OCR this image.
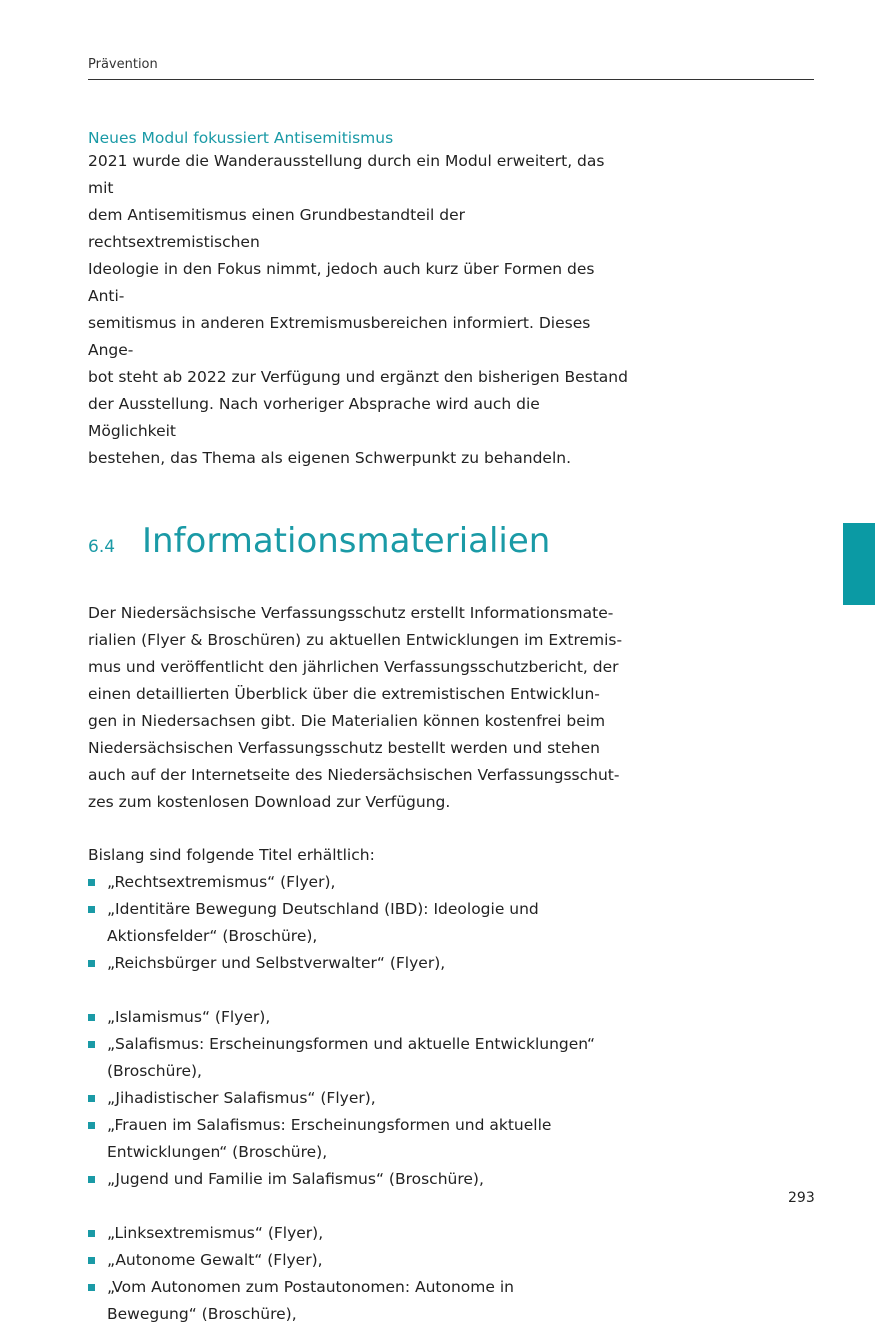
Prävention
Neues Modul fokussiert Antisemitismus
2021 wurde die Wanderausstellung durch ein Modul erweitert, das mit
dem Antisemitismus einen Grundbestandteil der rechtsextremistischen
Ideologie in den Fokus nimmt, jedoch auch kurz über Formen des Anti-
semitismus in anderen Extremismusbereichen informiert. Dieses Ange-
bot steht ab 2022 zur Verfügung und ergänzt den bisherigen Bestand
der Ausstellung. Nach vorheriger Absprache wird auch die Möglichkeit
bestehen, das Thema als eigenen Schwerpunkt zu behandeln.
6.4 Informationsmaterialien
Der Niedersächsische Verfassungsschutz erstellt Informationsmate-
rialien (Flyer & Broschüren) zu aktuellen Entwicklungen im Extremis-
mus und veröffentlicht den jährlichen Verfassungsschutzbericht, der
einen detaillierten Überblick über die extremistischen Entwicklun-
gen in Niedersachsen gibt. Die Materialien können kostenfrei beim
Niedersächsischen Verfassungsschutz bestellt werden und stehen
auch auf der Internetseite des Niedersächsischen Verfassungsschut-
zes zum kostenlosen Download zur Verfügung.
Bislang sind folgende Titel erhältlich:
„Rechtsextremismus“ (Flyer),
„Identitäre Bewegung Deutschland (IBD): Ideologie und
Aktionsfelder“ (Broschüre),
„Reichsbürger und Selbstverwalter“ (Flyer),
„Islamismus“ (Flyer),
„Salafismus: Erscheinungsformen und aktuelle Entwicklungen“
(Broschüre),
„Jihadistischer Salafismus“ (Flyer),
„Frauen im Salafismus: Erscheinungsformen und aktuelle
Entwicklungen“ (Broschüre),
„Jugend und Familie im Salafismus“ (Broschüre),
„Linksextremismus“ (Flyer),
„Autonome Gewalt“ (Flyer),
„Vom Autonomen zum Postautonomen: Autonome in
Bewegung“ (Broschüre),
293
